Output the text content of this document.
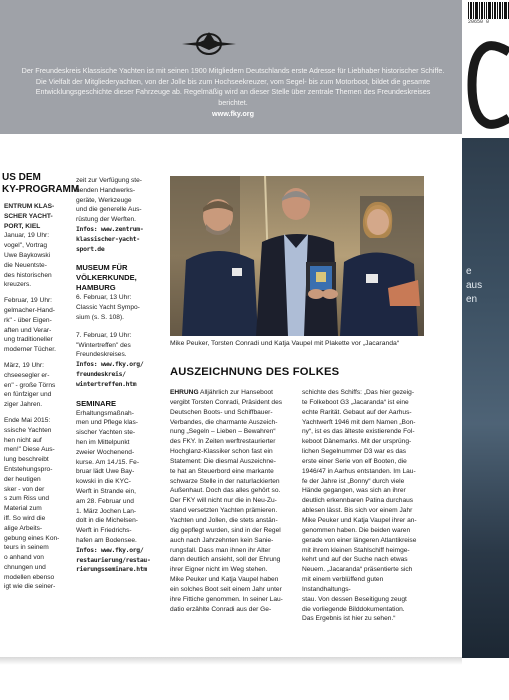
Der Freundeskreis Klassische Yachten ist mit seinen 1900 Mitgliedern Deutschlands erste Adresse für Liebhaber historischer Schiffe. Die Vielfalt der Mitgliederyachten, von der Jolle bis zum Hochseekreuzer, vom Segel- bis zum Motorboot, bildet die gesamte Entwicklungsgeschichte dieser Fahrzeuge ab. Regelmäßig wird an dieser Stelle über zentrale Themen des Freundeskreises berichtet.
www.fky.org
US DEM
KY-PROGRAMM
ENTRUM KLAS-
SCHER YACHT-
PORT, KIEL
Januar, 19 Uhr:
vogel", Vortrag
Uwe Baykowski
die Neuentste-
des historischen
kreuzers.
Februar, 19 Uhr:
gelmacher-Hand-
rk" - über Eigen-
aften und Verar-
ung traditioneller
moderner Tücher.
März, 19 Uhr:
chseesegler er-
en" - große Törns
en fünfziger und
ziger Jahren.
Ende Mai 2015:
ssische Yachten
hen nicht auf
men!" Diese Aus-
lung beschreibt
Entstehungspro-
der heutigen
sker - von der
s zum Riss und
Material zum
iff. So wird die
alige Arbeits-
gebung eines Kon-
teurs in seinem
o anhand von
chnungen und
modellen ebenso
igt wie die seiner-
zeit zur Verfügung ste-
henden Handwerks-
geräte, Werkzeuge
und die generelle Aus-
rüstung der Werften.
Infos: www.zentrum-
klassischer-yacht-
sport.de
MUSEUM FÜR
VÖLKERKUNDE,
HAMBURG
6. Februar, 13 Uhr:
Classic Yacht Sympo-
sium (s. S. 108).
7. Februar, 19 Uhr:
"Wintertreffen" des
Freundeskreises.
Infos: www.fky.org/
freundeskreis/
wintertreffen.htm
SEMINARE
Erhaltungsmaßnah-
men und Pflege klas-
sischer Yachten ste-
hen im Mittelpunkt
zweier Wochenend-
kurse. Am 14./15. Fe-
bruar lädt Uwe Bay-
kowski in die KYC-
Werft in Strande ein,
am 28. Februar und
1. März Jochen Lan-
dolt in die Michelsen-
Werft in Friedrichs-
hafen am Bodensee.
Infos: www.fky.org/
restaurierung/restau-
rierungsseminare.htm
Mike Peuker, Torsten Conradi und Katja Vaupel mit Plakette vor „Jacaranda“
AUSZEICHNUNG DES FOLKES
EHRUNG Alljährlich zur Hanseboot
vergibt Torsten Conradi, Präsident des
Deutschen Boots- und Schiffbauer-
Verbandes, die charmante Auszeich-
nung „Segeln – Lieben – Bewahren“
des FKY. In Zeiten werftrestaurierter
Hochglanz-Klassiker schon fast ein
Statement: Die diesmal Auszeichne-
te hat an Steuerbord eine markante
schwarze Stelle in der naturlackierten
Außenhaut. Doch das alles gehört so.
Der FKY will nicht nur die in Neu-Zu-
stand versetzten Yachten prämieren.
Yachten und Jollen, die stets anstän-
dig gepflegt wurden, sind in der Regel
auch nach Jahrzehnten kein Sanie-
rungsfall. Dass man ihnen ihr Alter
dann deutlich ansieht, soll der Ehrung
ihrer Eigner nicht im Weg stehen.
Mike Peuker und Katja Vaupel haben
ein solches Boot seit einem Jahr unter
ihre Fittiche genommen. In seiner Lau-
datio erzählte Conradi aus der Ge-
schichte des Schiffs: „Das hier gezeig-
te Folkeboot G3 „Jacaranda“ ist eine
echte Rarität. Gebaut auf der Aarhus-
Yachtwerft 1946 mit dem Namen „Bon-
ny“, ist es das älteste existierende Fol-
keboot Dänemarks. Mit der ursprüng-
lichen Segelnummer D3 war es das
erste einer Serie von elf Booten, die
1946/47 in Aarhus entstanden. Im Lau-
fe der Jahre ist „Bonny“ durch viele
Hände gegangen, was sich an ihrer
deutlich erkennbaren Patina durchaus
ablesen lässt. Bis sich vor einem Jahr
Mike Peuker und Katja Vaupel ihrer an-
genommen haben. Die beiden waren
gerade von einer längeren Atlantikreise
mit ihrem kleinen Stahlschiff heimge-
kehrt und auf der Suche nach etwas
Neuem. „Jacaranda“ präsentierte sich
mit einem verblüffend guten Instandhaltungs-
stau. Von dessen Beseitigung zeugt
die vorliegende Bilddokumentation.
Das Ergebnis ist hier zu sehen.“
20650 0
C
e
aus
en
